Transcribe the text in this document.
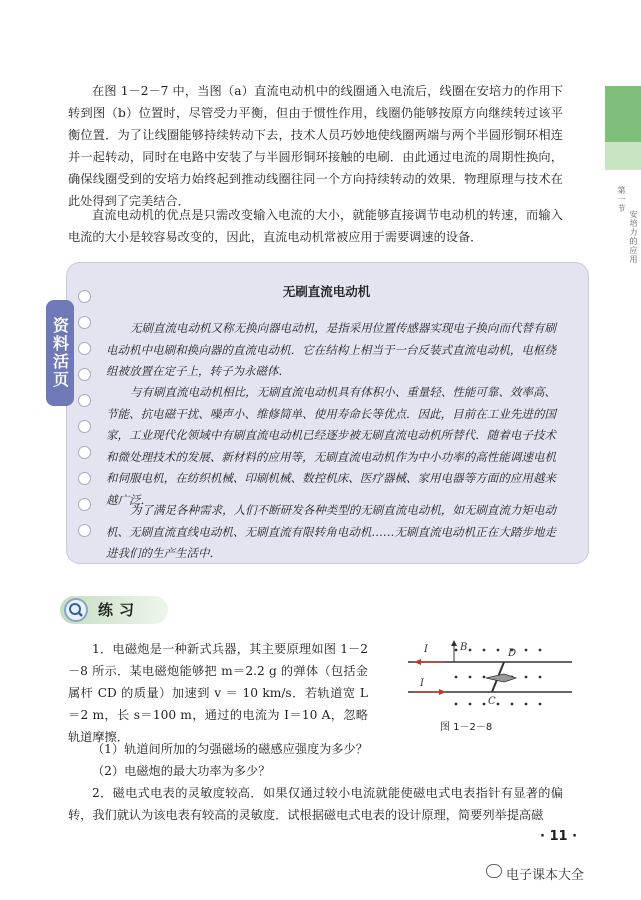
第一节
安培力的应用

在图 1－2－7 中，当图（a）直流电动机中的线圈通入电流后，线圈在安培力的作用下转到图（b）位置时，尽管受力平衡，但由于惯性作用，线圈仍能够按原方向继续转过该平衡位置．为了让线圈能够持续转动下去，技术人员巧妙地使线圈两端与两个半圆形铜环相连并一起转动，同时在电路中安装了与半圆形铜环接触的电刷．由此通过电流的周期性换向，确保线圈受到的安培力始终起到推动线圈往同一个方向持续转动的效果．物理原理与技术在此处得到了完美结合．

直流电动机的优点是只需改变输入电流的大小，就能够直接调节电动机的转速，而输入电流的大小是较容易改变的，因此，直流电动机常被应用于需要调速的设备．

资料活页
无刷直流电动机

无刷直流电动机又称无换向器电动机，是指采用位置传感器实现电子换向而代替有刷电动机中电刷和换向器的直流电动机．它在结构上相当于一台反装式直流电动机，电枢绕组被放置在定子上，转子为永磁体．

与有刷直流电动机相比，无刷直流电动机具有体积小、重量轻、性能可靠、效率高、节能、抗电磁干扰、噪声小、维修简单、使用寿命长等优点．因此，目前在工业先进的国家，工业现代化领域中有刷直流电动机已经逐步被无刷直流电动机所替代．随着电子技术和微处理技术的发展、新材料的应用等，无刷直流电动机作为中小功率的高性能调速电机和伺服电机，在纺织机械、印刷机械、数控机床、医疗器械、家用电器等方面的应用越来越广泛．

为了满足各种需求，人们不断研发各种类型的无刷直流电动机，如无刷直流力矩电动机、无刷直流直线电动机、无刷直流有限转角电动机……无刷直流电动机正在大踏步地走进我们的生产生活中．

练习

1．电磁炮是一种新式兵器，其主要原理如图 1－2－8 所示．某电磁炮能够把 m＝2.2 g 的弹体（包括金属杆 CD 的质量）加速到 v ＝ 10 km/s．若轨道宽 L＝2 m，长 s＝100 m，通过的电流为 I＝10 A，忽略轨道摩擦．

（1）轨道间所加的匀强磁场的磁感应强度为多少？

（2）电磁炮的最大功率为多少？

2．磁电式电表的灵敏度较高．如果仅通过较小电流就能使磁电式电表指针有显著的偏转，我们就认为该电表有较高的灵敏度．试根据磁电式电表的设计原理，简要列举提高磁

I
I
B
D
C
图 1－2－8
· 11 ·
电子课本大全
